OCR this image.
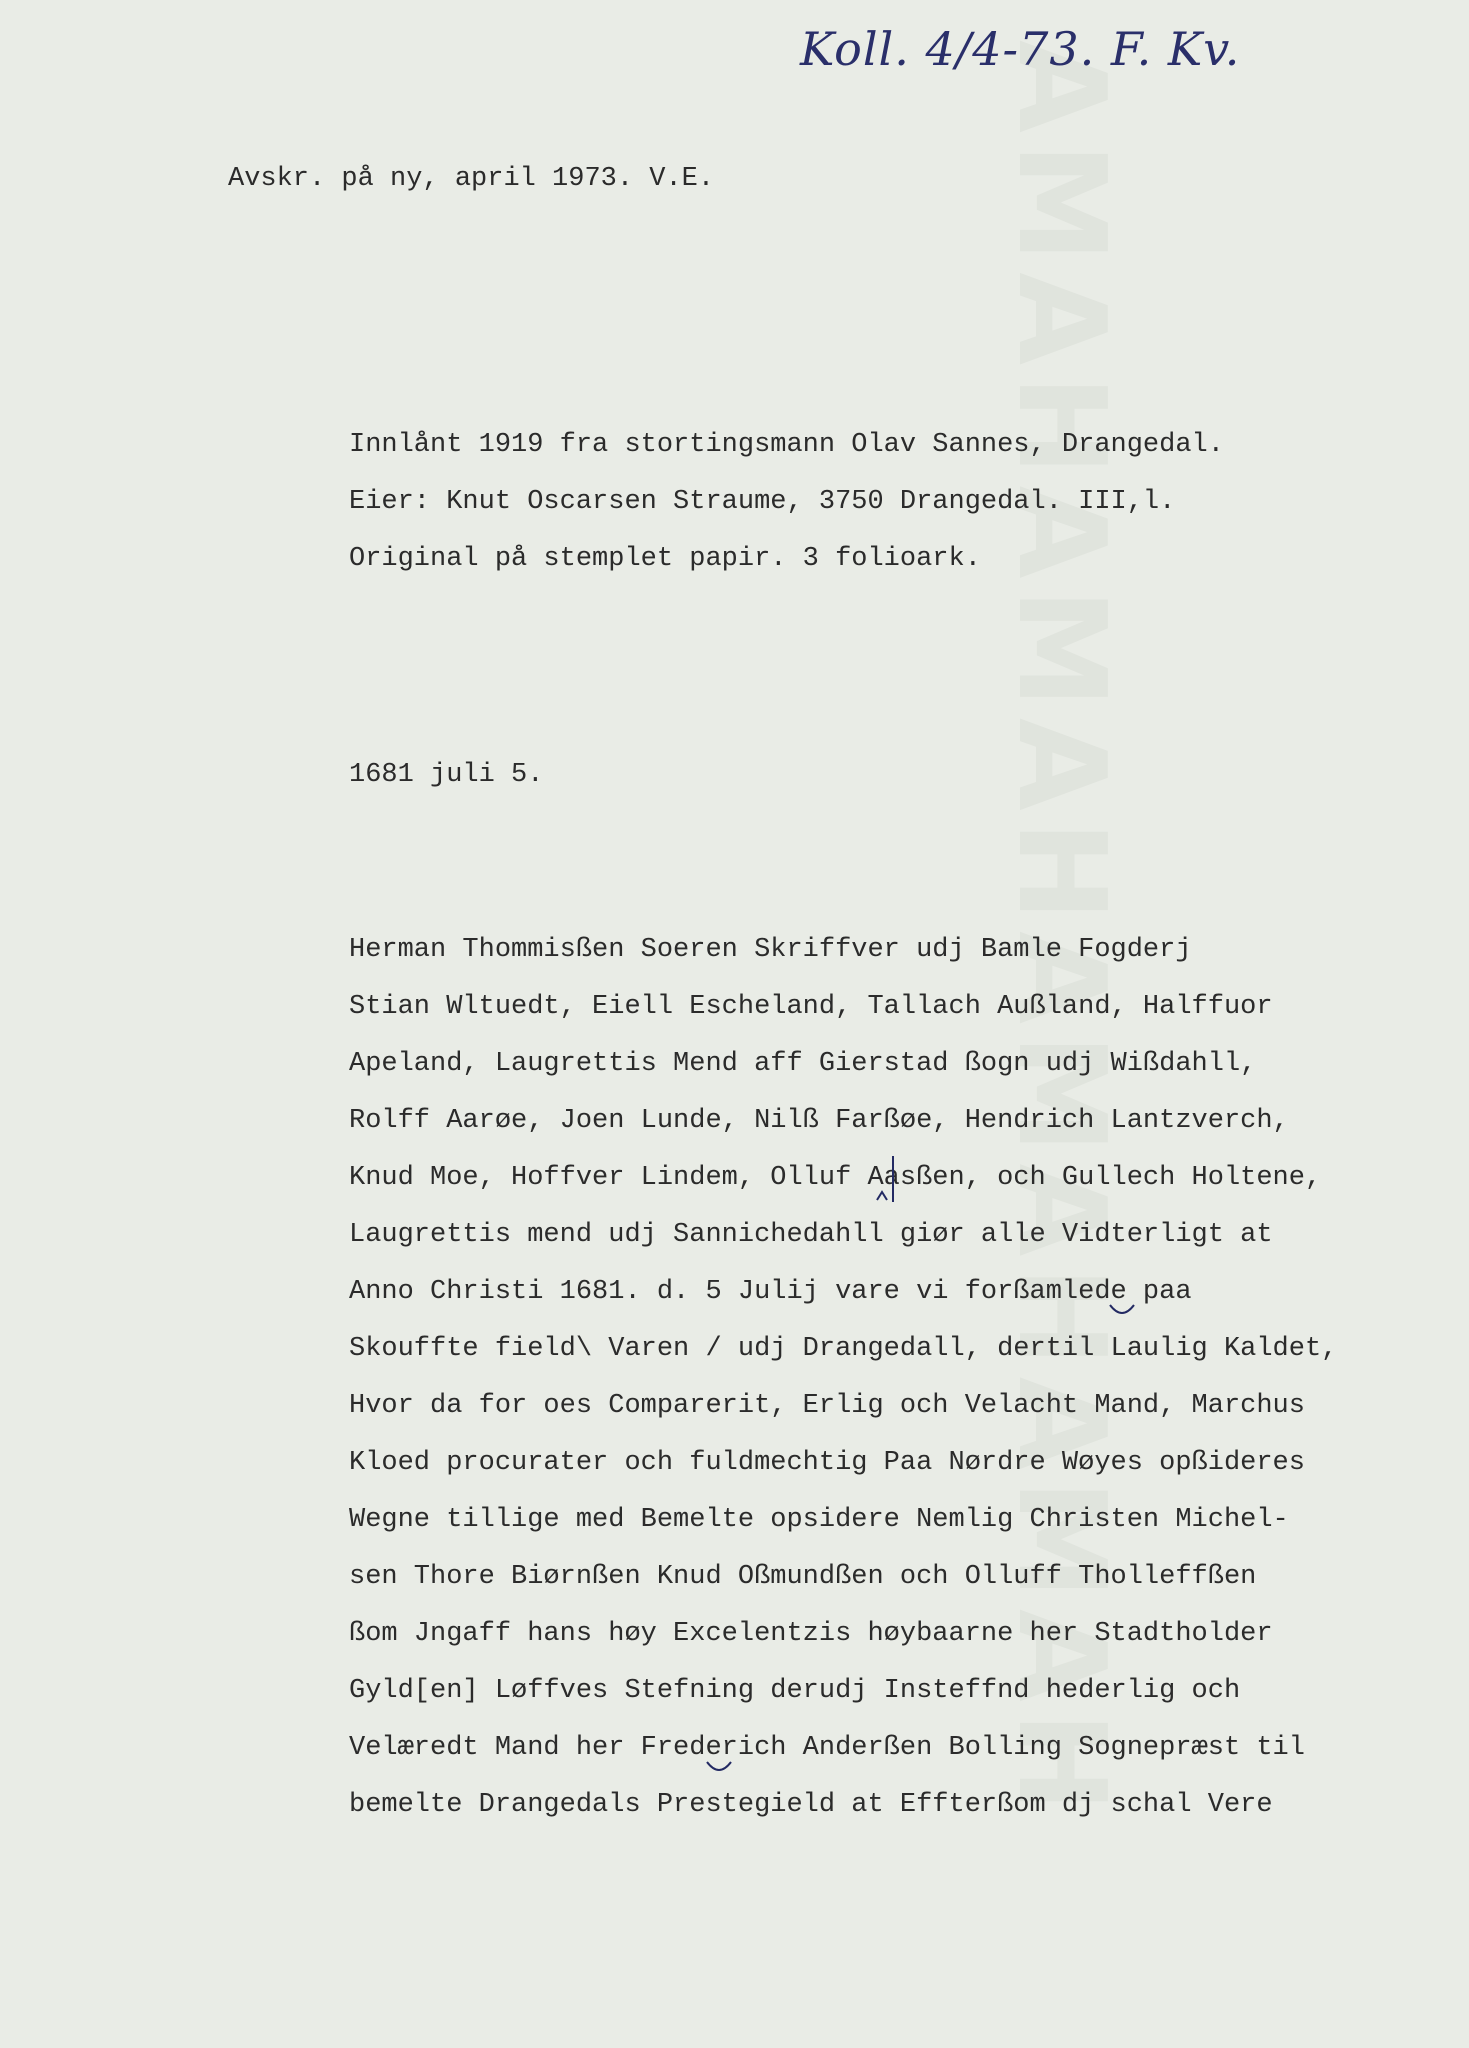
AMAHAMAHAMAHAMAH
Koll. 4/4-73. F. Kv.

Avskr. på ny, april 1973. V.E.

Innlånt 1919 fra stortingsmann Olav Sannes, Drangedal.

Eier: Knut Oscarsen Straume, 3750 Drangedal. III,l.

Original på stemplet papir. 3 folioark.

1681 juli 5.

Herman Thommisßen Soeren Skriffver udj Bamle Fogderj

Stian Wltuedt, Eiell Escheland, Tallach Außland, Halffuor

Apeland, Laugrettis Mend aff Gierstad ßogn udj Wißdahll,

Rolff Aarøe, Joen Lunde, Nilß Farßøe, Hendrich Lantzverch,

Knud Moe, Hoffver Lindem, Olluf Aasßen, och Gullech Holtene,

Laugrettis mend udj Sannichedahll giør alle Vidterligt at

Anno Christi 1681. d. 5 Julij vare vi forßamlede paa

Skouffte field\ Varen / udj Drangedall, dertil Laulig Kaldet,

Hvor da for oes Comparerit, Erlig och Velacht Mand, Marchus

Kloed procurater och fuldmechtig Paa Nørdre Wøyes opßideres

Wegne tillige med Bemelte opsidere Nemlig Christen Michel-

sen Thore Biørnßen Knud Oßmundßen och Olluff Tholleffßen

ßom Jngaff hans høy Excelentzis høybaarne her Stadtholder

Gyld[en] Løffves Stefning derudj Insteffnd hederlig och

Velæredt Mand her Frederich Anderßen Bolling Sognepræst til

bemelte Drangedals Prestegield at Effterßom dj schal Vere
